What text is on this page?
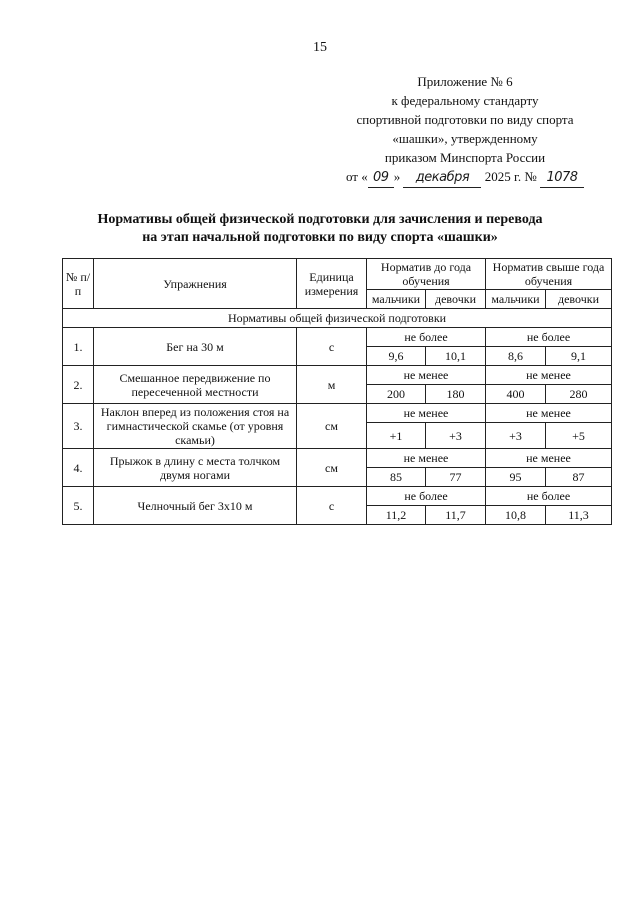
15
Приложение № 6
к федеральному стандарту
спортивной подготовки по виду спорта
«шашки», утвержденному
приказом Минспорта России
от « 09 » декабря 2025 г. № 1078
Нормативы общей физической подготовки для зачисления и перевода
на этап начальной подготовки по виду спорта «шашки»
№ п/п	Упражнения	Единица измерения	Норматив до года обучения		Норматив свыше года обучения	
			мальчики	девочки	мальчики	девочки
Нормативы общей физической подготовки						
1.	Бег на 30 м	с	не более		не более	
			9,6	10,1	8,6	9,1
2.	Смешанное передвижение по пересеченной местности	м	не менее		не менее	
			200	180	400	280
3.	Наклон вперед из положения стоя на гимнастической скамье (от уровня скамьи)	см	не менее		не менее	
			+1	+3	+3	+5
4.	Прыжок в длину с места толчком двумя ногами	см	не менее		не менее	
			85	77	95	87
5.	Челночный бег 3x10 м	с	не более		не более	
			11,2	11,7	10,8	11,3
